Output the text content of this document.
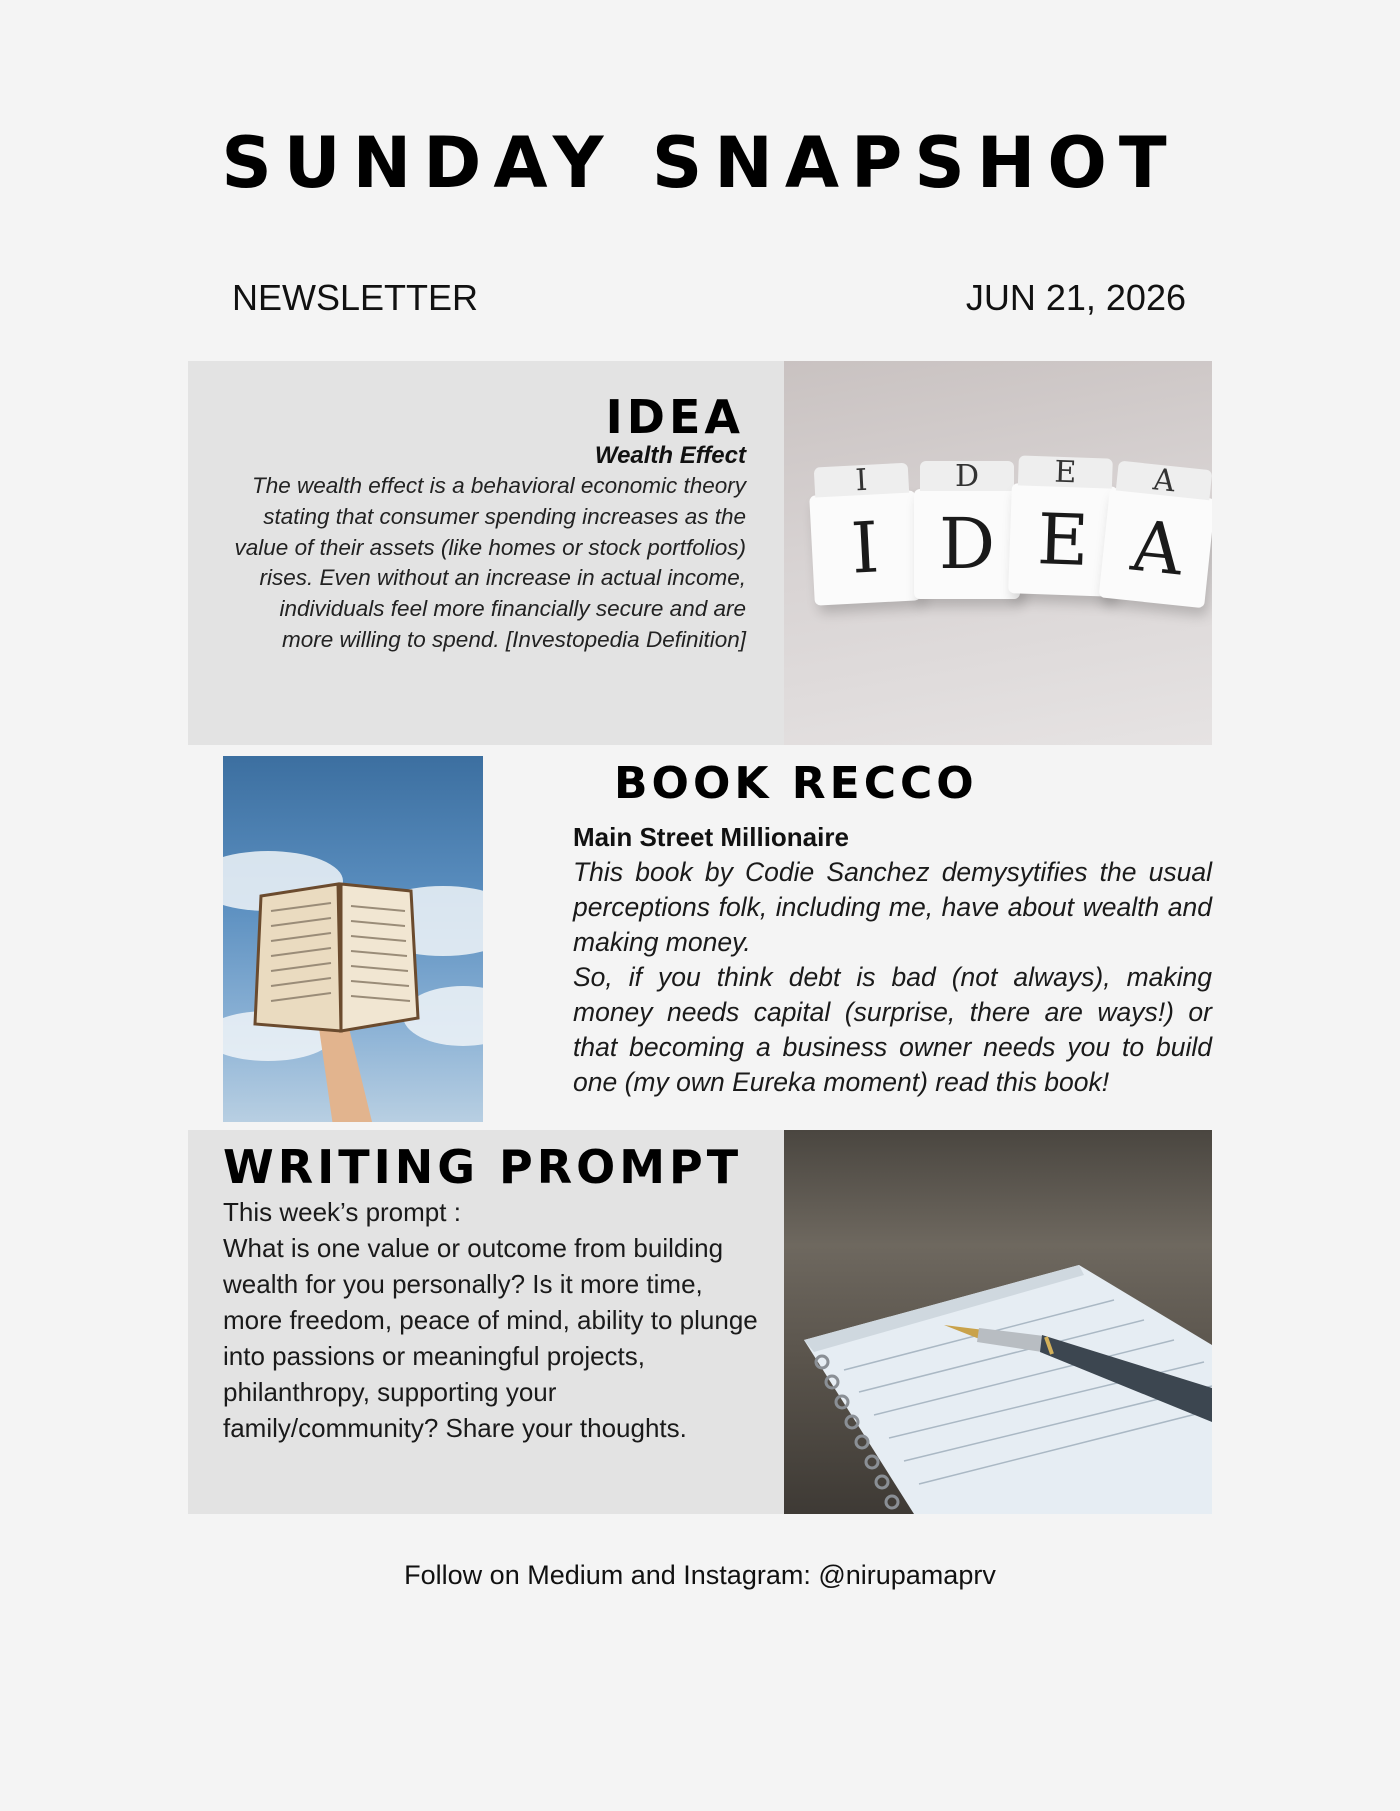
SUNDAY SNAPSHOT
NEWSLETTER	JUN 21, 2026
IDEA
Wealth Effect
The wealth effect is a behavioral economic theory stating that consumer spending increases as the value of their assets (like homes or stock portfolios) rises. Even without an increase in actual income, individuals feel more financially secure and are more willing to spend. [Investopedia Definition]
I
I
D
D
E
E
A
A
BOOK RECCO
Main Street Millionaire

This book by Codie Sanchez demysytifies the usual perceptions folk, including me, have about wealth and making money.

So, if you think debt is bad (not always), making money needs capital (surprise, there are ways!) or that becoming a business owner needs you to build one (my own Eureka moment) read this book!

WRITING PROMPT

This week’s prompt :

What is one value or outcome from building wealth for you personally? Is it more time, more freedom, peace of mind, ability to plunge into passions or meaningful projects, philanthropy, supporting your family/community? Share your thoughts.

Follow on Medium and Instagram: @nirupamaprv
